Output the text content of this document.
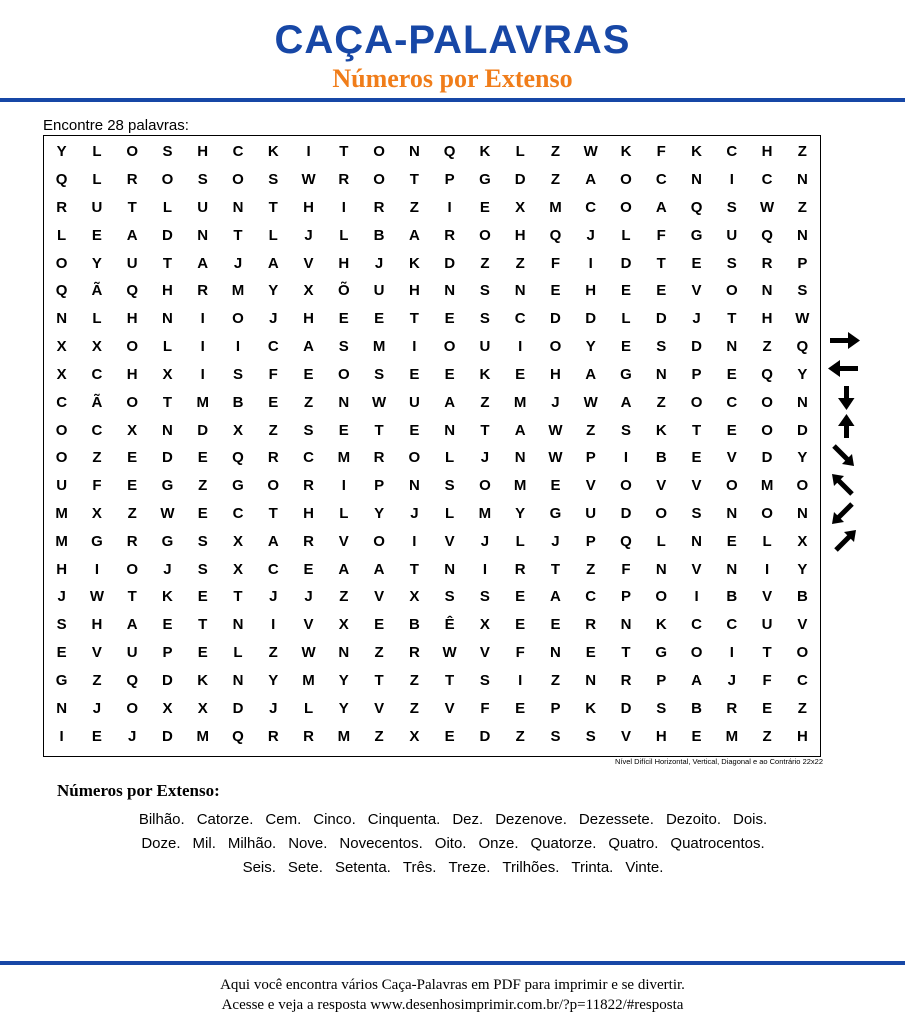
CAÇA-PALAVRAS
Números por Extenso
Encontre 28 palavras:
Y	L	O	S	H	C	K	I	T	O	N	Q	K	L	Z	W	K	F	K	C	H	Z
Q	L	R	O	S	O	S	W	R	O	T	P	G	D	Z	A	O	C	N	I	C	N
R	U	T	L	U	N	T	H	I	R	Z	I	E	X	M	C	O	A	Q	S	W	Z
L	E	A	D	N	T	L	J	L	B	A	R	O	H	Q	J	L	F	G	U	Q	N
O	Y	U	T	A	J	A	V	H	J	K	D	Z	Z	F	I	D	T	E	S	R	P
Q	Ã	Q	H	R	M	Y	X	Õ	U	H	N	S	N	E	H	E	E	V	O	N	S
N	L	H	N	I	O	J	H	E	E	T	E	S	C	D	D	L	D	J	T	H	W
X	X	O	L	I	I	C	A	S	M	I	O	U	I	O	Y	E	S	D	N	Z	Q
X	C	H	X	I	S	F	E	O	S	E	E	K	E	H	A	G	N	P	E	Q	Y
C	Ã	O	T	M	B	E	Z	N	W	U	A	Z	M	J	W	A	Z	O	C	O	N
O	C	X	N	D	X	Z	S	E	T	E	N	T	A	W	Z	S	K	T	E	O	D
O	Z	E	D	E	Q	R	C	M	R	O	L	J	N	W	P	I	B	E	V	D	Y
U	F	E	G	Z	G	O	R	I	P	N	S	O	M	E	V	O	V	V	O	M	O
M	X	Z	W	E	C	T	H	L	Y	J	L	M	Y	G	U	D	O	S	N	O	N
M	G	R	G	S	X	A	R	V	O	I	V	J	L	J	P	Q	L	N	E	L	X
H	I	O	J	S	X	C	E	A	A	T	N	I	R	T	Z	F	N	V	N	I	Y
J	W	T	K	E	T	J	J	Z	V	X	S	S	E	A	C	P	O	I	B	V	B
S	H	A	E	T	N	I	V	X	E	B	Ê	X	E	E	R	N	K	C	C	U	V
E	V	U	P	E	L	Z	W	N	Z	R	W	V	F	N	E	T	G	O	I	T	O
G	Z	Q	D	K	N	Y	M	Y	T	Z	T	S	I	Z	N	R	P	A	J	F	C
N	J	O	X	X	D	J	L	Y	V	Z	V	F	E	P	K	D	S	B	R	E	Z
I	E	J	D	M	Q	R	R	M	Z	X	E	D	Z	S	S	V	H	E	M	Z	H
Nível Difícil Horizontal, Vertical, Diagonal e ao Contrário 22x22
Números por Extenso:
Bilhão. Catorze. Cem. Cinco. Cinquenta. Dez. Dezenove. Dezessete. Dezoito. Dois.
Doze. Mil. Milhão. Nove. Novecentos. Oito. Onze. Quatorze. Quatro. Quatrocentos.
Seis. Sete. Setenta. Três. Treze. Trilhões. Trinta. Vinte.
Aqui você encontra vários Caça-Palavras em PDF para imprimir e se divertir.
Acesse e veja a resposta www.desenhosimprimir.com.br/?p=11822/#resposta
